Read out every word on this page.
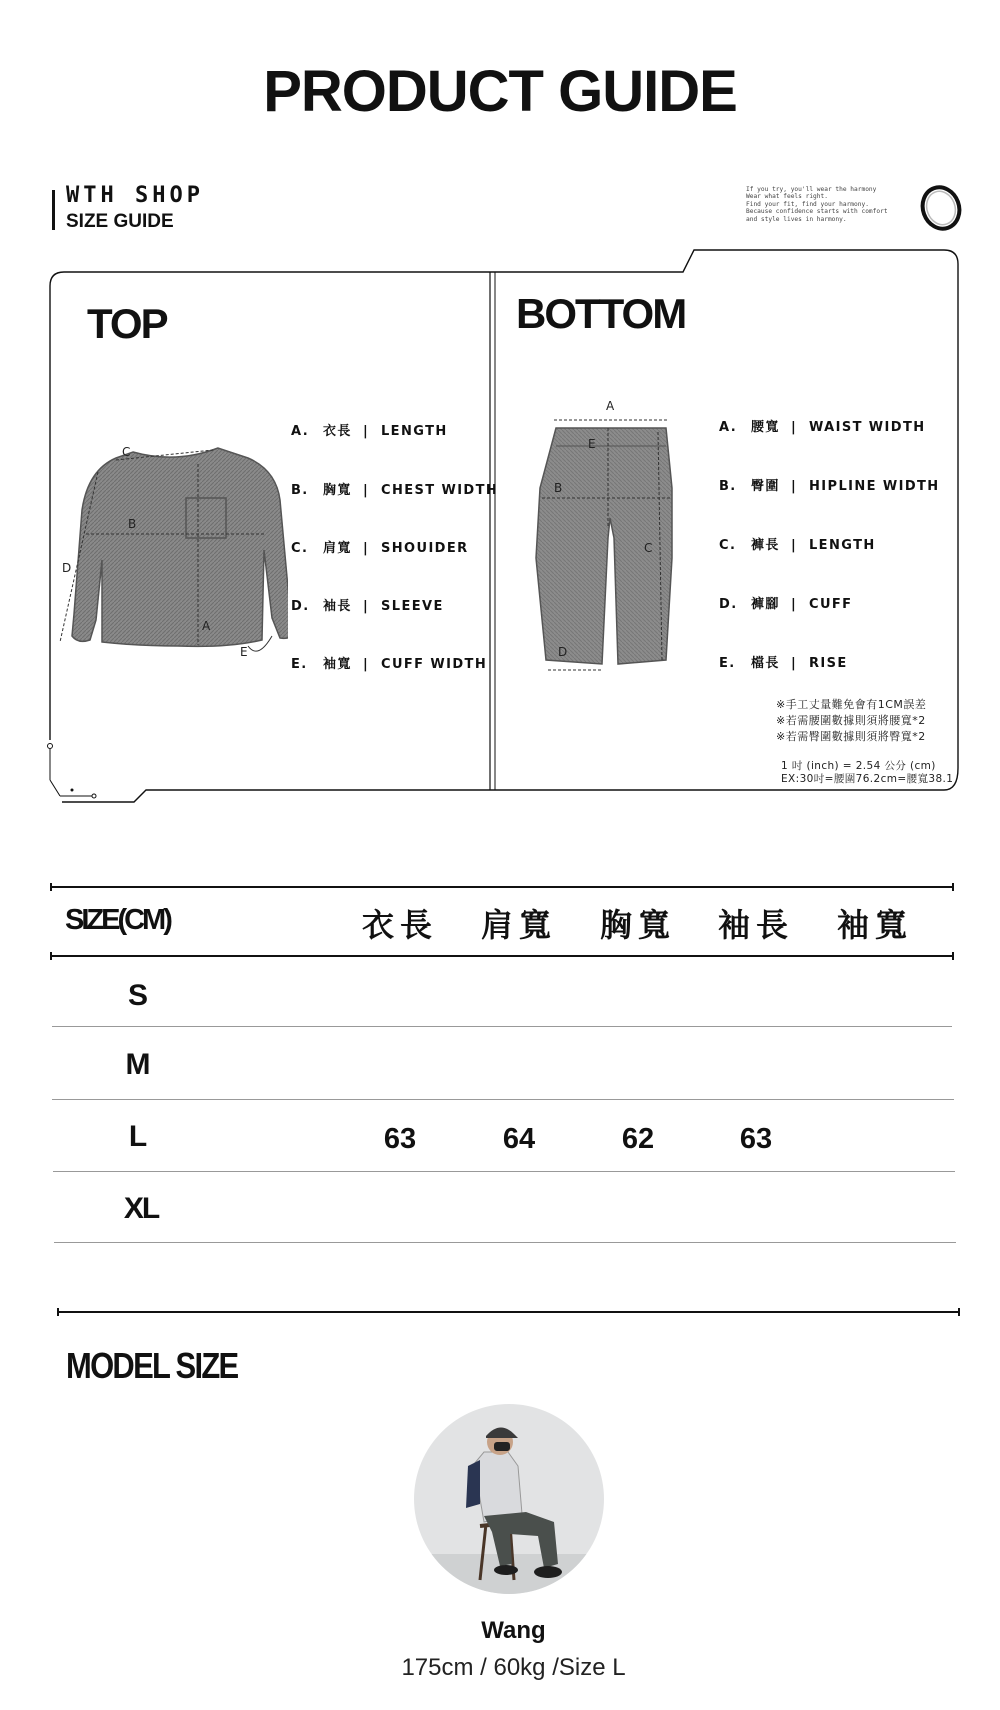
PRODUCT GUIDE
WTH SHOP
SIZE GUIDE
If you try, you'll wear the harmony
Wear what feels right.
Find your fit, find your harmony.
Because confidence starts with comfort
and style lives in harmony.
TOP
C
B
D
A
E
A. 衣長 | LENGTH
B. 胸寬 | CHEST WIDTH
C. 肩寬 | SHOUIDER
D. 袖長 | SLEEVE
E. 袖寬 | CUFF WIDTH
BOTTOM
A
B
C
D
E
A. 腰寬 | WAIST WIDTH
B. 臀圍 | HIPLINE WIDTH
C. 褲長 | LENGTH
D. 褲腳 | CUFF
E. 檔長 | RISE
※手工丈量難免會有1CM誤差
※若需腰圍數據則須將腰寬*2
※若需臀圍數據則須將臀寬*2
1 吋 (inch) = 2.54 公分 (cm)
EX:30吋=腰圍76.2cm=腰寬38.1
SIZE(CM)	衣長	肩寬	胸寬	袖長	袖寬
S
M
L	63	64	62	63
XL
MODEL SIZE
Wang
175cm / 60kg /Size L
